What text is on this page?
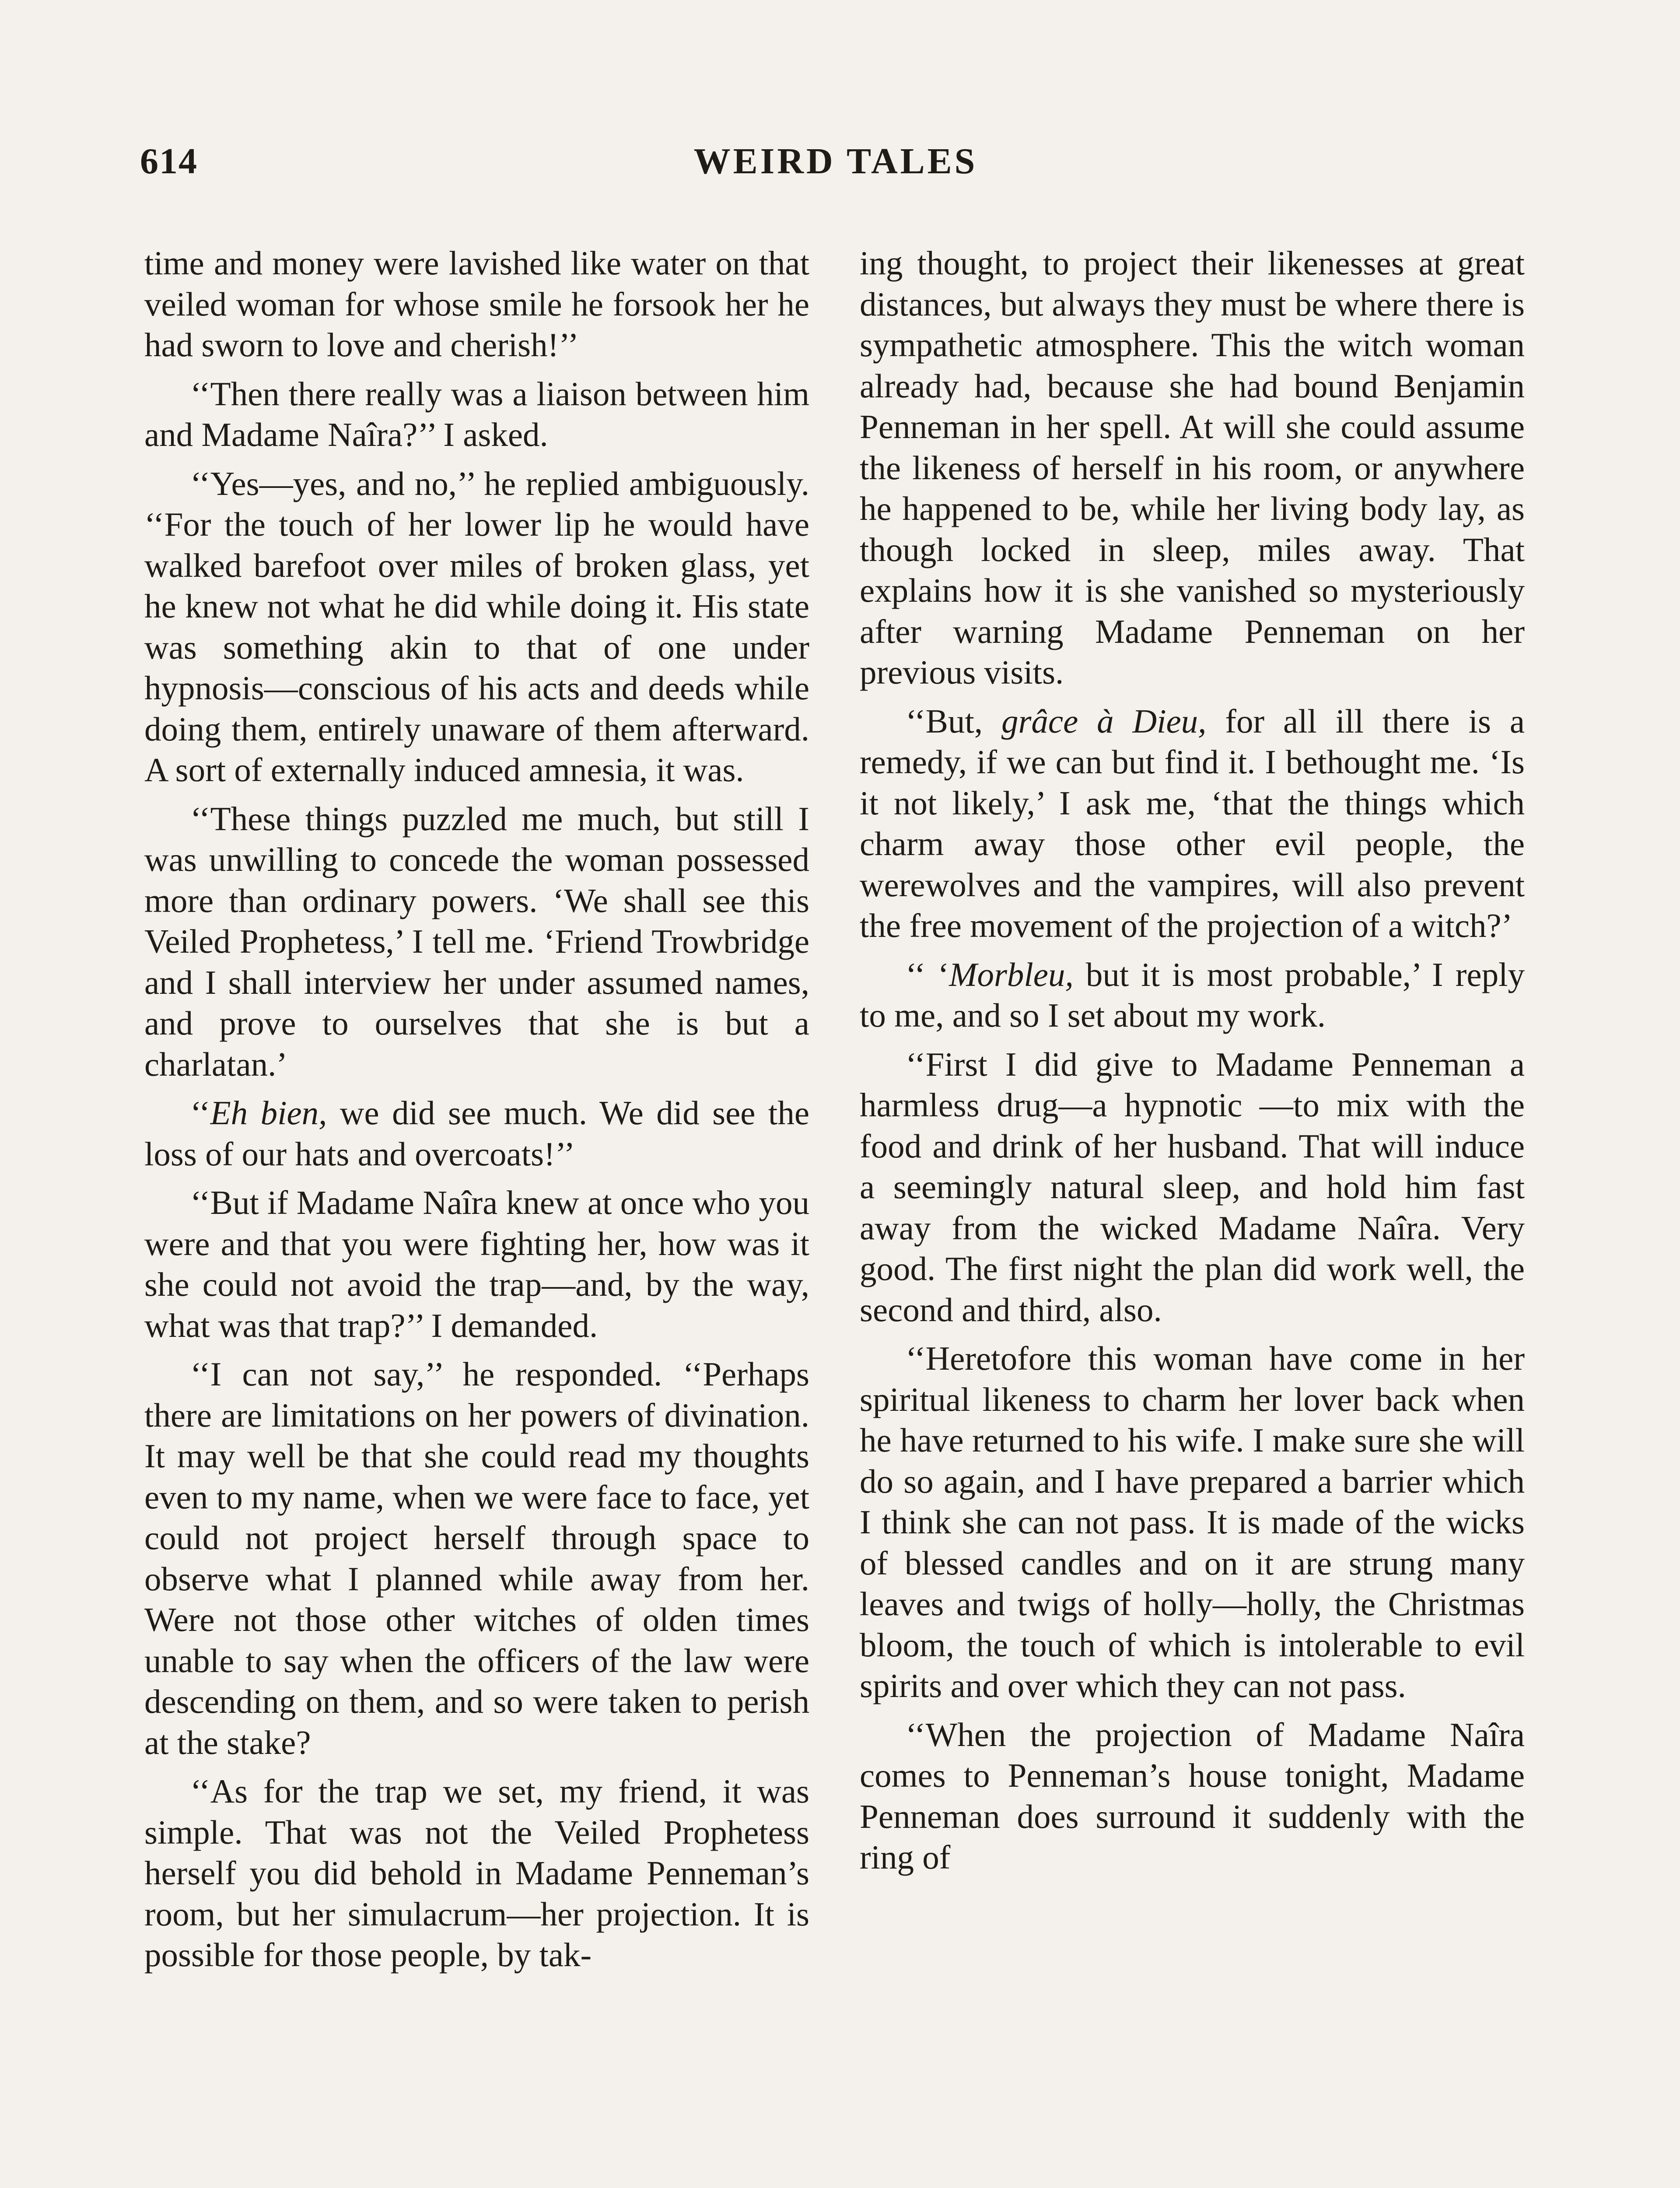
614	WEIRD TALES

time and money were lavished like water on that veiled woman for whose smile he forsook her he had sworn to love and cherish!’’

‘‘Then there really was a liaison between him and Madame Naîra?’’ I asked.

‘‘Yes—yes, and no,’’ he replied ambiguously. ‘‘For the touch of her lower lip he would have walked barefoot over miles of broken glass, yet he knew not what he did while doing it. His state was something akin to that of one under hypnosis—conscious of his acts and deeds while doing them, entirely unaware of them afterward. A sort of externally induced amnesia, it was.

‘‘These things puzzled me much, but still I was unwilling to concede the woman possessed more than ordinary powers. ‘We shall see this Veiled Prophetess,’ I tell me. ‘Friend Trowbridge and I shall interview her under assumed names, and prove to ourselves that she is but a charlatan.’

‘‘Eh bien, we did see much. We did see the loss of our hats and overcoats!’’

‘‘But if Madame Naîra knew at once who you were and that you were fighting her, how was it she could not avoid the trap—and, by the way, what was that trap?’’ I demanded.

‘‘I can not say,’’ he responded. ‘‘Perhaps there are limitations on her powers of divination. It may well be that she could read my thoughts even to my name, when we were face to face, yet could not project herself through space to observe what I planned while away from her. Were not those other witches of olden times unable to say when the officers of the law were descending on them, and so were taken to perish at the stake?

‘‘As for the trap we set, my friend, it was simple. That was not the Veiled Prophetess herself you did behold in Madame Penneman’s room, but her simulacrum—her projection. It is possible for those people, by tak-

ing thought, to project their likenesses at great distances, but always they must be where there is sympathetic atmosphere. This the witch woman already had, because she had bound Benjamin Penneman in her spell. At will she could assume the likeness of herself in his room, or anywhere he happened to be, while her living body lay, as though locked in sleep, miles away. That explains how it is she vanished so mysteriously after warning Madame Penneman on her previous visits.

‘‘But, grâce à Dieu, for all ill there is a remedy, if we can but find it. I bethought me. ‘Is it not likely,’ I ask me, ‘that the things which charm away those other evil people, the werewolves and the vampires, will also prevent the free movement of the projection of a witch?’

‘‘ ‘Morbleu, but it is most probable,’ I reply to me, and so I set about my work.

‘‘First I did give to Madame Penneman a harmless drug—a hypnotic —to mix with the food and drink of her husband. That will induce a seemingly natural sleep, and hold him fast away from the wicked Madame Naîra. Very good. The first night the plan did work well, the second and third, also.

‘‘Heretofore this woman have come in her spiritual likeness to charm her lover back when he have returned to his wife. I make sure she will do so again, and I have prepared a barrier which I think she can not pass. It is made of the wicks of blessed candles and on it are strung many leaves and twigs of holly—holly, the Christmas bloom, the touch of which is intolerable to evil spirits and over which they can not pass.

‘‘When the projection of Madame Naîra comes to Penneman’s house tonight, Madame Penneman does surround it suddenly with the ring of
